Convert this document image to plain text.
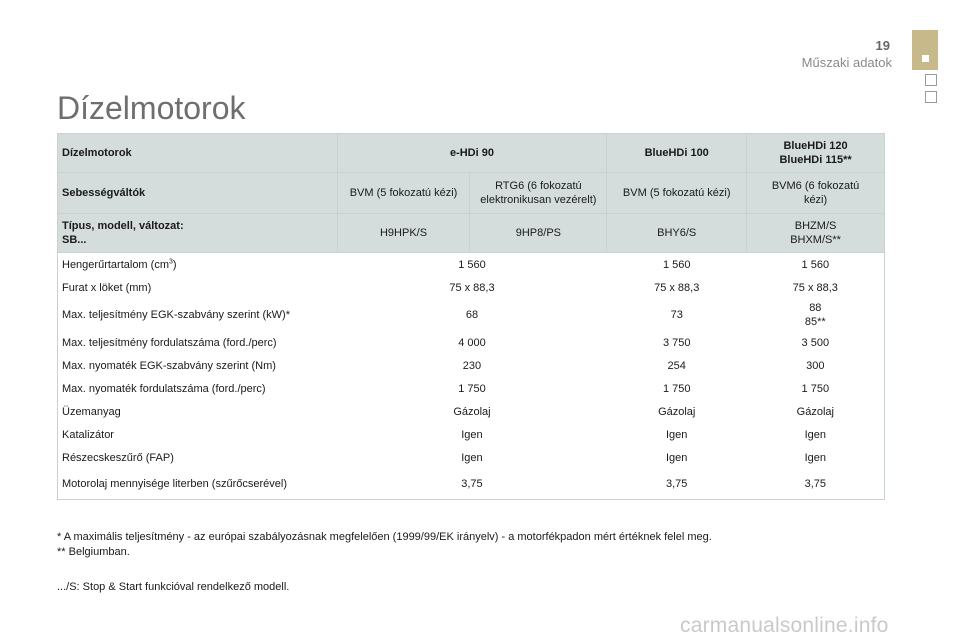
19
Műszaki adatok
Dízelmotorok
Dízelmotorok	e-HDi 90		BlueHDi 100	BlueHDi 120
BlueHDi 115**

Sebességváltók	BVM (5 fokozatú kézi)	RTG6 (6 fokozatú
elektronikusan vezérelt)	BVM (5 fokozatú kézi)	BVM6 (6 fokozatú
kézi)

Típus, modell, változat:
SB...	H9HPK/S	9HP8/PS	BHY6/S	BHZM/S
BHXM/S**

Hengerűrtartalom $(cm^3)$	1 560		1 560	1 560

Furat x löket (mm)	75 x 88,3		75 x 88,3	75 x 88,3

Max. teljesítmény EGK-szabvány szerint (kW)*	68		73	88
85**

Max. teljesítmény fordulatszáma (ford./perc)	4 000		3 750	3 500

Max. nyomaték EGK-szabvány szerint (Nm)	230		254	300

Max. nyomaték fordulatszáma (ford./perc)	1 750		1 750	1 750

Üzemanyag	Gázolaj		Gázolaj	Gázolaj

Katalizátor	Igen		Igen	Igen

Részecskeszűrő (FAP)	Igen		Igen	Igen

Motorolaj mennyisége literben (szűrőcserével)	3,75		3,75	3,75
* A maximális teljesítmény - az európai szabályozásnak megfelelően (1999/99/EK irányelv) - a motorfékpadon mért értéknek felel meg.
** Belgiumban.
.../S: Stop & Start funkcióval rendelkező modell.
carmanualsonline.info
